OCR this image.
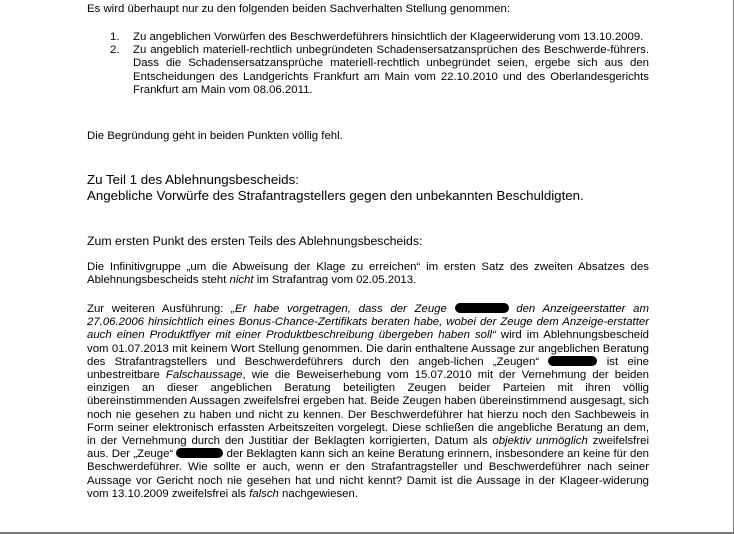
Es wird überhaupt nur zu den folgenden beiden Sachverhalten Stellung genommen:

1. Zu angeblichen Vorwürfen des Beschwerdeführers hinsichtlich der Klageerwiderung vom 13.10.2009.
2. Zu angeblich materiell-rechtlich unbegründeten Schadensersatzansprüchen des Beschwerde-führers. Dass die Schadensersatzansprüche materiell-rechtlich unbegründet seien, ergebe sich aus den Entscheidungen des Landgerichts Frankfurt am Main vom 22.10.2010 und des Oberlandesgerichts Frankfurt am Main vom 08.06.2011.

Die Begründung geht in beiden Punkten völlig fehl.

Zu Teil 1 des Ablehnungsbescheids:

Angebliche Vorwürfe des Strafantragstellers gegen den unbekannten Beschuldigten.

Zum ersten Punkt des ersten Teils des Ablehnungsbescheids:

Die Infinitivgruppe „um die Abweisung der Klage zu erreichen“ im ersten Satz des zweiten Absatzes des Ablehnungsbescheids steht nicht im Strafantrag vom 02.05.2013.

Zur weiteren Ausführung: „Er habe vorgetragen, dass der Zeuge	den Anzeigeerstatter am 27.06.2006 hinsichtlich eines Bonus-Chance-Zertifikats beraten habe, wobei der Zeuge dem Anzeige-erstatter auch einen Produktflyer mit einer Produktbeschreibung übergeben haben soll“ wird im Ablehnungsbescheid vom 01.07.2013 mit keinem Wort Stellung genommen. Die darin enthaltene Aussage zur angeblichen Beratung des Strafantragstellers und Beschwerdeführers durch den angeb-lichen „Zeugen“	ist eine unbestreitbare Falschaussage, wie die Beweiserhebung vom 15.07.2010 mit der Vernehmung der beiden einzigen an dieser angeblichen Beratung beteiligten Zeugen beider Parteien mit ihren völlig übereinstimmenden Aussagen zweifelsfrei ergeben hat. Beide Zeugen haben übereinstimmend ausgesagt, sich noch nie gesehen zu haben und nicht zu kennen. Der Beschwerdeführer hat hierzu noch den Sachbeweis in Form seiner elektronisch erfassten Arbeitszeiten vorgelegt. Diese schließen die angebliche Beratung an dem, in der Vernehmung durch den Justitiar der Beklagten korrigierten, Datum als objektiv unmöglich zweifelsfrei aus. Der „Zeuge“	der Beklagten kann sich an keine Beratung erinnern, insbesondere an keine für den Beschwerdeführer. Wie sollte er auch, wenn er den Strafantragsteller und Beschwerdeführer nach seiner Aussage vor Gericht noch nie gesehen hat und nicht kennt? Damit ist die Aussage in der Klageer-widerung vom 13.10.2009 zweifelsfrei als falsch nachgewiesen.
